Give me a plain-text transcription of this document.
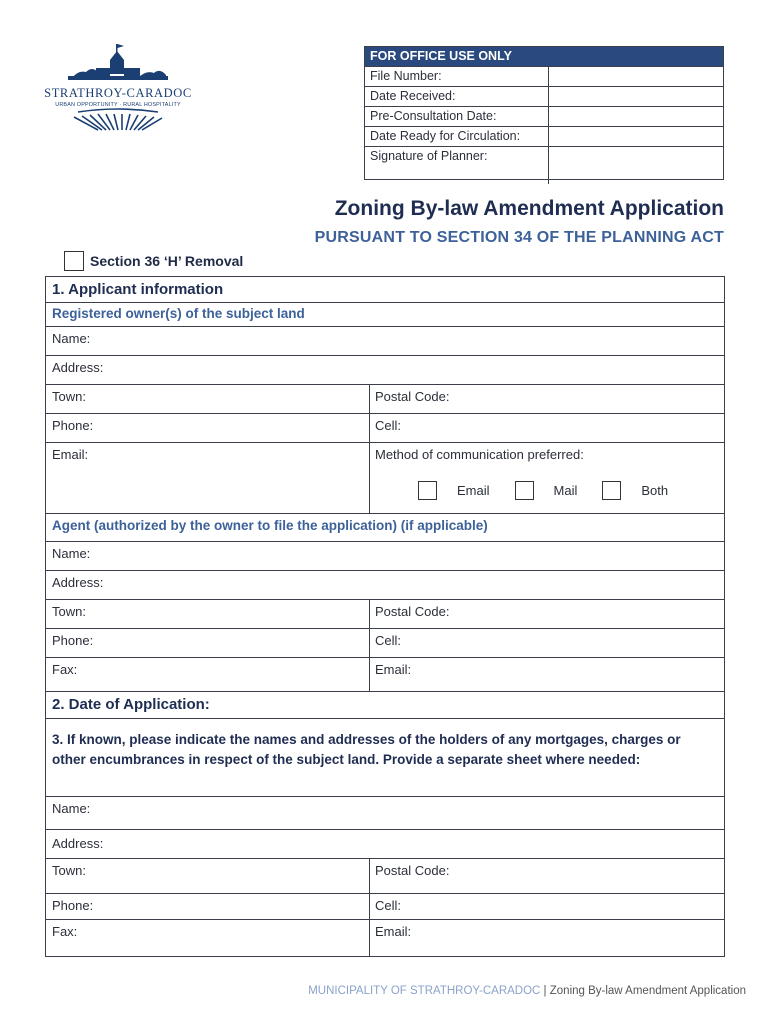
STRATHROY-CARADOC
URBAN OPPORTUNITY · RURAL HOSPITALITY
FOR OFFICE USE ONLY
File Number:
Date Received:
Pre-Consultation Date:
Date Ready for Circulation:
Signature of Planner:
Zoning By-law Amendment Application
PURSUANT TO SECTION 34 OF THE PLANNING ACT
Section 36 ‘H’ Removal
1. Applicant information
Registered owner(s) of the subject land
Name:
Address:
Town:	Postal Code:
Phone:	Cell:
Email:	Method of communication preferred:
Email	Mail	Both
Agent (authorized by the owner to file the application) (if applicable)
Name:
Address:
Town:	Postal Code:
Phone:	Cell:
Fax:	Email:
2. Date of Application:
3. If known, please indicate the names and addresses of the holders of any mortgages, charges or other encumbrances in respect of the subject land. Provide a separate sheet where needed:
Name:
Address:
Town:	Postal Code:
Phone:	Cell:
Fax:	Email:
MUNICIPALITY OF STRATHROY-CARADOC | Zoning By-law Amendment Application
